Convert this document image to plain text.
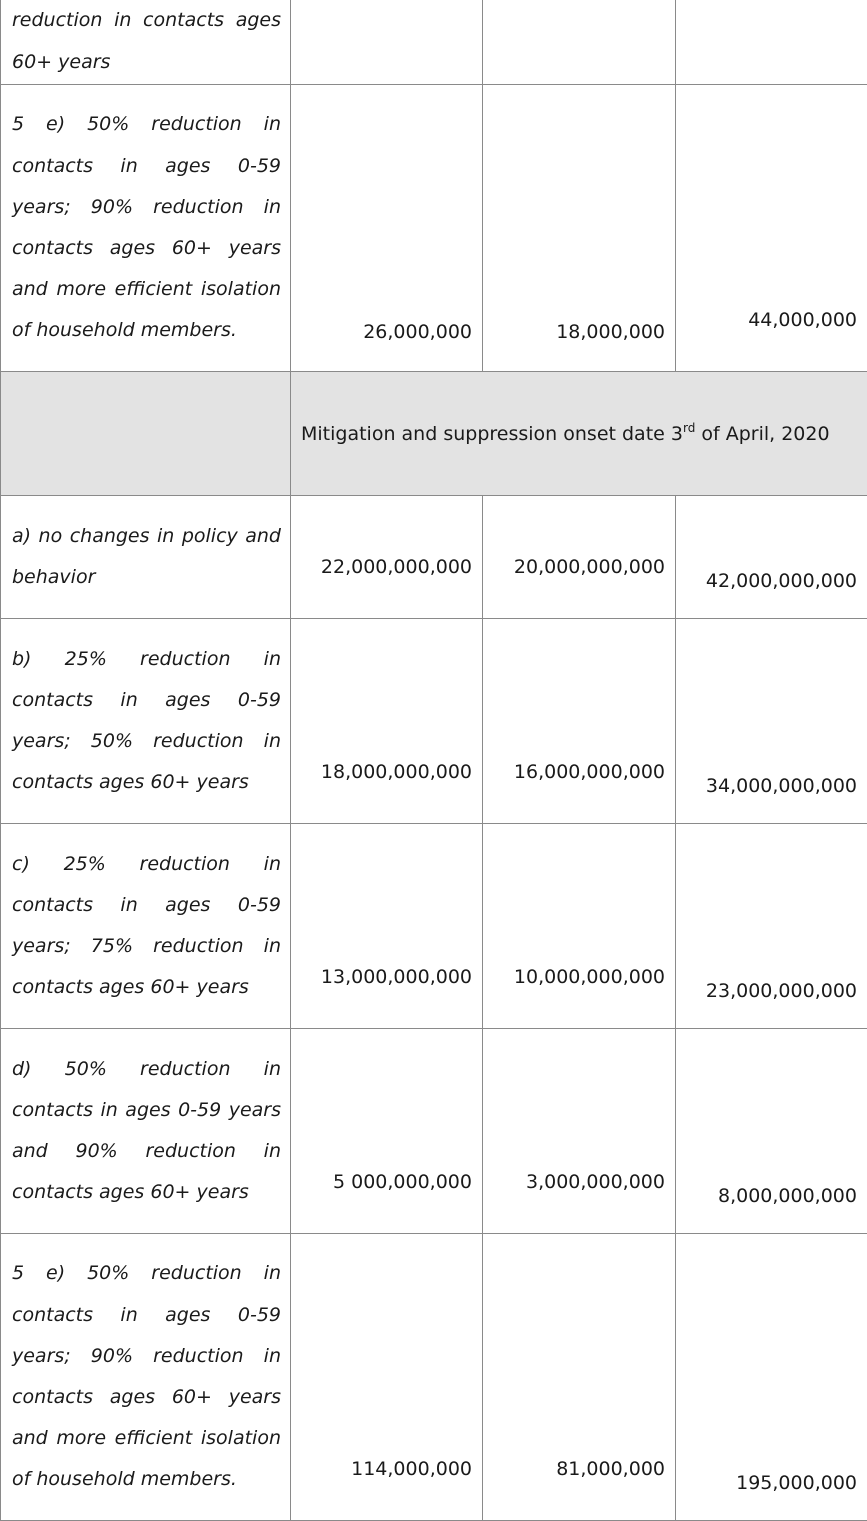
reduction in contacts ages 60+ years			
5 e) 50% reduction in contacts in ages 0-59 years; 90% reduction in contacts ages 60+ years and more efficient isolation of household members.	26,000,000	18,000,000	44,000,000
	Mitigation and suppression onset date 3rd of April, 2020		
a) no changes in policy and behavior	22,000,000,000	20,000,000,000	42,000,000,000
b) 25% reduction in contacts in ages 0-59 years; 50% reduction in contacts ages 60+ years	18,000,000,000	16,000,000,000	34,000,000,000
c) 25% reduction in contacts in ages 0-59 years; 75% reduction in contacts ages 60+ years	13,000,000,000	10,000,000,000	23,000,000,000
d) 50% reduction in contacts in ages 0-59 years and 90% reduction in contacts ages 60+ years	5 000,000,000	3,000,000,000	8,000,000,000
5 e) 50% reduction in contacts in ages 0-59 years; 90% reduction in contacts ages 60+ years and more efficient isolation of household members.	114,000,000	81,000,000	195,000,000
